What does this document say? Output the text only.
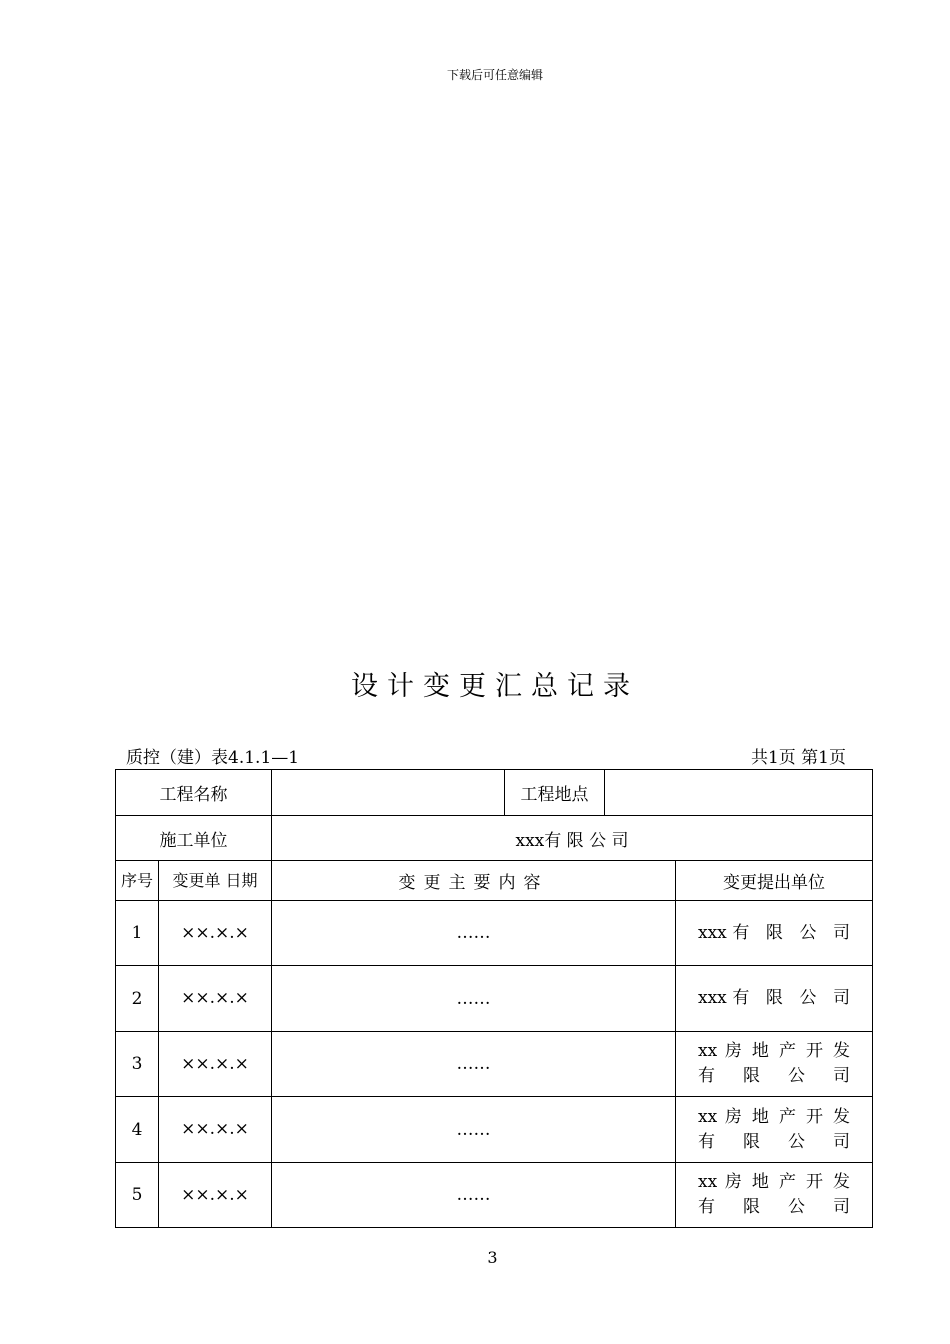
下载后可任意编辑
设计变更汇总记录
质控（建）表4.1.1—1	共1页 第1页
工程名称			工程地点		
施工单位		xxx有 限 公 司			
序号	变更单 日期	变更主要内容			变更提出单位
1	××.×.×	……			xxx有 限 公 司
2	××.×.×	……			xxx有 限 公 司
3	××.×.×	……			xx 房 地 产 开 发 有 限 公 司
4	××.×.×	……			xx 房 地 产 开 发 有 限 公 司
5	××.×.×	……			xx 房 地 产 开 发 有 限 公 司
3
